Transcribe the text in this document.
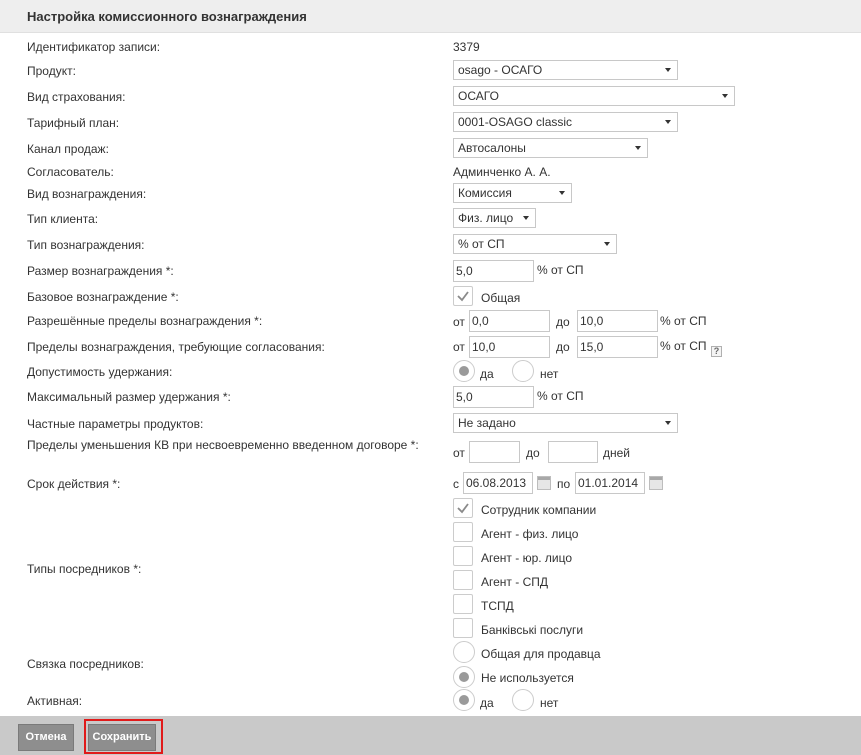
Настройка комиссионного вознаграждения
Идентификатор записи:	3379
Продукт:	osago - ОСАГО
Вид страхования:	ОСАГО
Тарифный план:	0001-OSAGO classic
Канал продаж:	Автосалоны
Согласователь:	Админченко А. А.
Вид вознаграждения:	Комиссия
Тип клиента:	Физ. лицо
Тип вознаграждения:	% от СП
Размер вознаграждения *:	5,0	% от СП
Базовое вознаграждение *:	Общая
Разрешённые пределы вознаграждения *:	от 0,0	до 10,0	% от СП
Пределы вознаграждения, требующие согласования:	от 10,0	до 15,0	% от СП ?
Допустимость удержания:	да	нет
Максимальный размер удержания *:	5,0	% от СП
Частные параметры продуктов:	Не задано
Пределы уменьшения КВ при несвоевременно введенном договоре *:
от	до	дней
Срок действия *:	с 06.08.2013	по 01.01.2014
Типы посредников *:
Сотрудник компании
Агент - физ. лицо
Агент - юр. лицо
Агент - СПД
ТСПД
Банківські послуги
Связка посредников:
Общая для продавца
Не используется
Активная:	да	нет
Отмена	Сохранить
